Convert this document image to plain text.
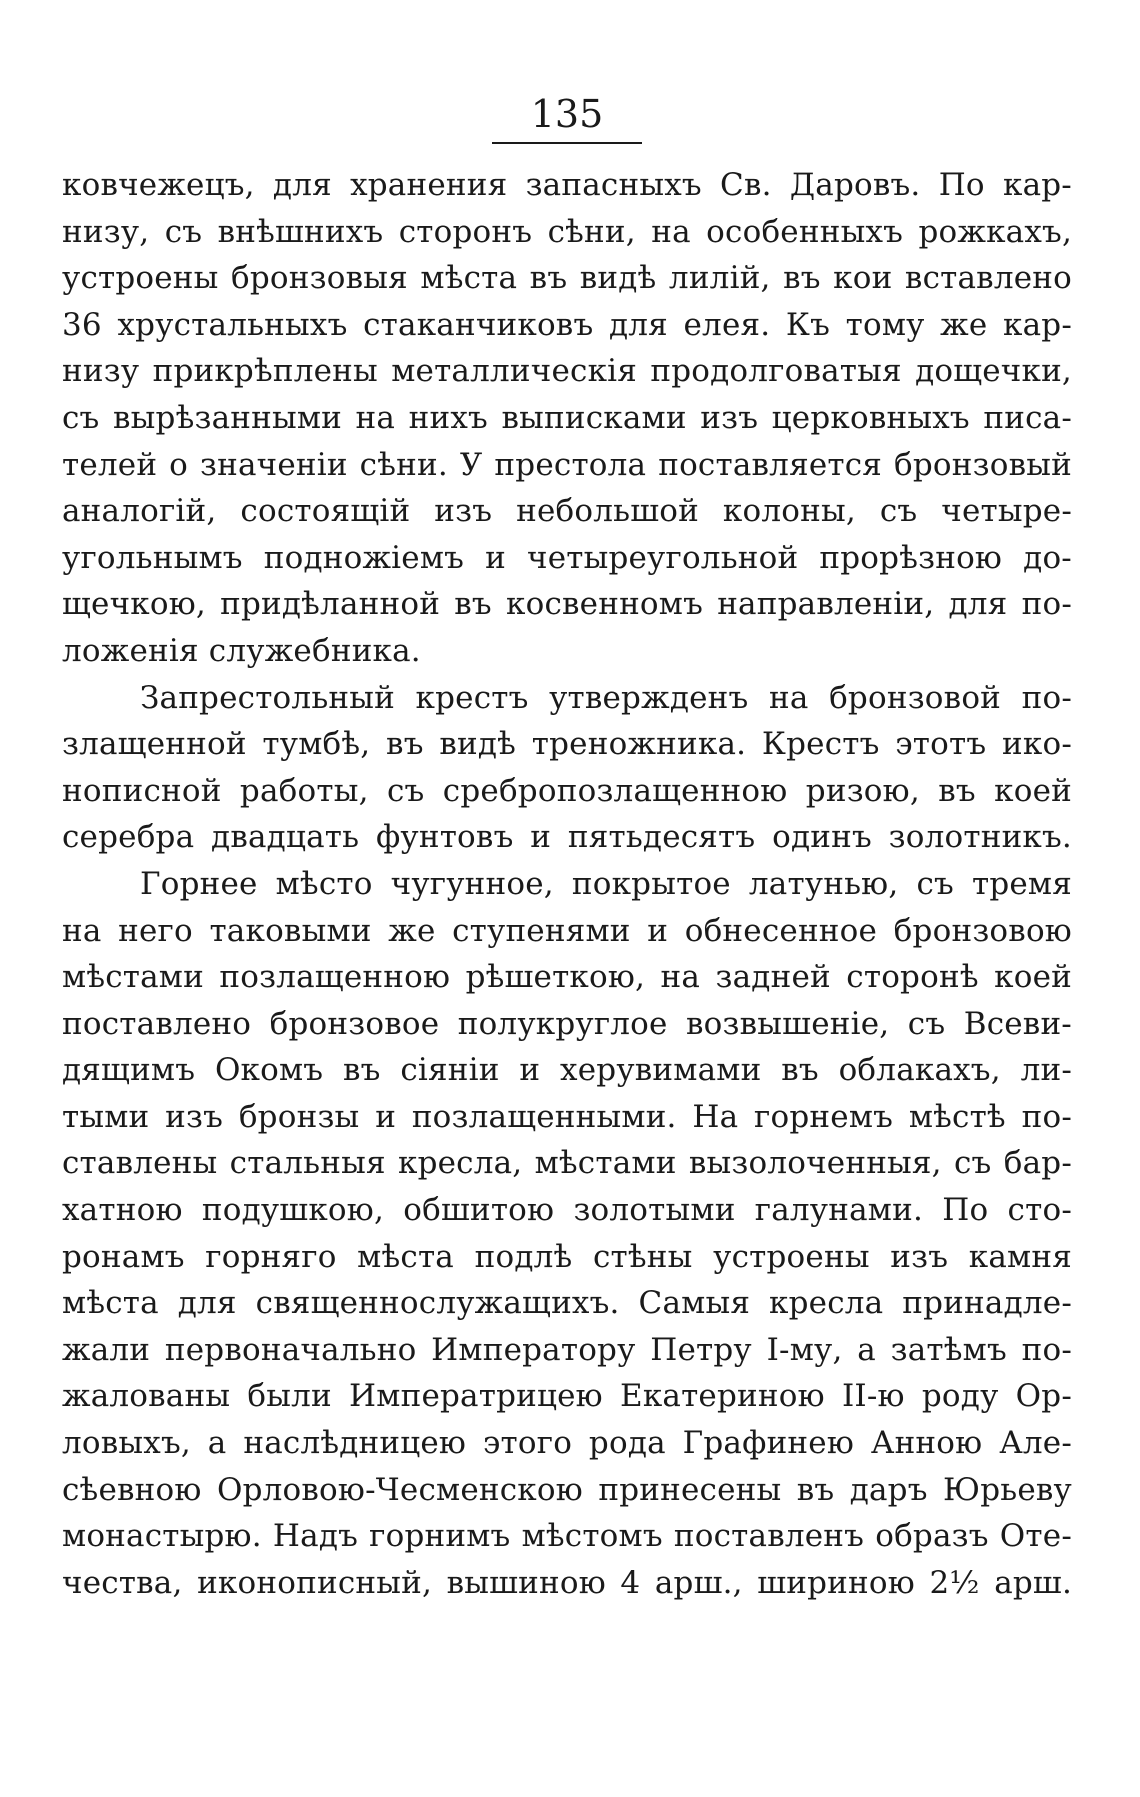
135
ковчежецъ, для хранения запасныхъ Св. Даровъ. По кар-
низу, съ внѣшнихъ сторонъ сѣни, на особенныхъ рожкахъ,
устроены бронзовыя мѣста въ видѣ лилій, въ кои вставлено
36 хрустальныхъ стаканчиковъ для елея. Къ тому же кар-
низу прикрѣплены металлическія продолговатыя дощечки,
съ вырѣзанными на нихъ выписками изъ церковныхъ писа-
телей о значеніи сѣни. У престола поставляется бронзовый
аналогій, состоящій изъ небольшой колоны, съ четыре-
угольнымъ подножіемъ и четыреугольной прорѣзною до-
щечкою, придѣланной въ косвенномъ направленіи, для по-
ложенія служебника.
Запрестольный крестъ утвержденъ на бронзовой по-
злащенной тумбѣ, въ видѣ треножника. Крестъ этотъ ико-
нописной работы, съ сребропозлащенною ризою, въ коей
серебра двадцать фунтовъ и пятьдесятъ одинъ золотникъ.
Горнее мѣсто чугунное, покрытое латунью, съ тремя
на него таковыми же ступенями и обнесенное бронзовою
мѣстами позлащенною рѣшеткою, на задней сторонѣ коей
поставлено бронзовое полукруглое возвышеніе, съ Всеви-
дящимъ Окомъ въ сіяніи и херувимами въ облакахъ, ли-
тыми изъ бронзы и позлащенными. На горнемъ мѣстѣ по-
ставлены стальныя кресла, мѣстами вызолоченныя, съ бар-
хатною подушкою, обшитою золотыми галунами. По сто-
ронамъ горняго мѣста подлѣ стѣны устроены изъ камня
мѣста для священнослужащихъ. Самыя кресла принадле-
жали первоначально Императору Петру І-му, а затѣмъ по-
жалованы были Императрицею Екатериною ІІ-ю роду Ор-
ловыхъ, а наслѣдницею этого рода Графинею Анною Але-
сѣевною Орловою-Чесменскою принесены въ даръ Юрьеву
монастырю. Надъ горнимъ мѣстомъ поставленъ образъ Оте-
чества, иконописный, вышиною 4 арш., шириною 2½ арш.
